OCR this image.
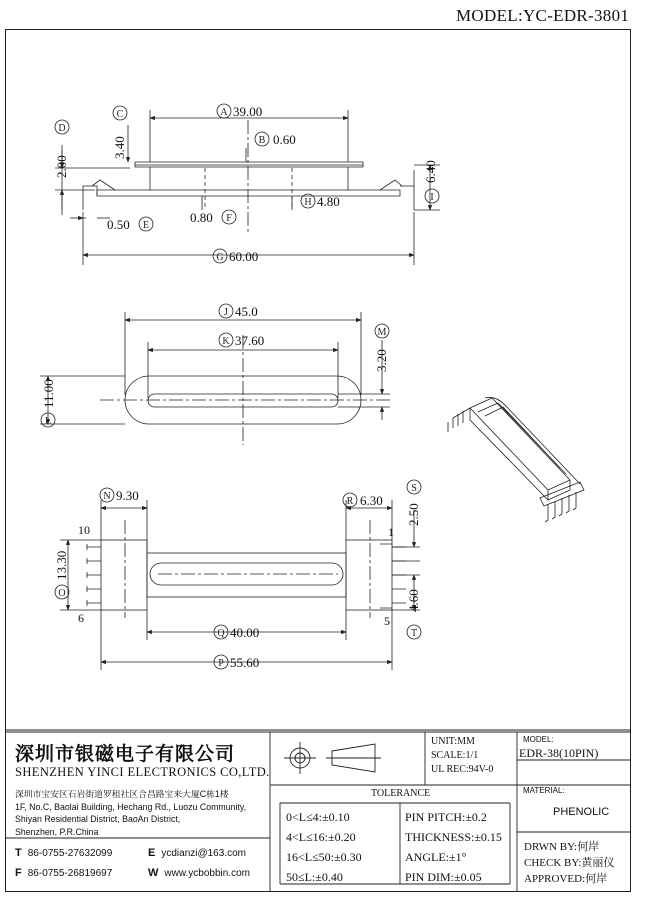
MODEL:YC-EDR-3801
A
B
C
D
E
F
G
H	I
J
K
L
M
N
O
P
Q
R
S
T
39.00
0.60
3.40
2.00
0.50	0.80
60.00
4.80
6.40
45.0
37.60
11.00
3.20
9.30
13.30
55.60
40.00
6.30
2.50
4.60
10
6
1
5
深圳市银磁电子有限公司
SHENZHEN YINCI ELECTRONICS CO,LTD.
深圳市宝安区石岩街道罗租社区合昌路宝来大厦C栋1楼
1F, No.C, Baolai Building, Hechang Rd., Luozu Community,
Shiyan Residential District, BaoAn District,
Shenzhen, P.R.China
T 86-0755-27632099
F 86-0755-26819697
E ycdianzi@163.com
W www.ycbobbin.com
UNIT:MM
SCALE:1/1
UL REC:94V-0
MODEL:
EDR-38(10PIN)
MATERIAL:
PHENOLIC
TOLERANCE
0<L≤4:±0.10
4<L≤16:±0.20
16<L≤50:±0.30
50≤L:±0.40
PIN PITCH:±0.2
THICKNESS:±0.15
ANGLE:±1°
PIN DIM:±0.05
DRWN BY:何岸
CHECK BY:黄丽仪
APPROVED:何岸
